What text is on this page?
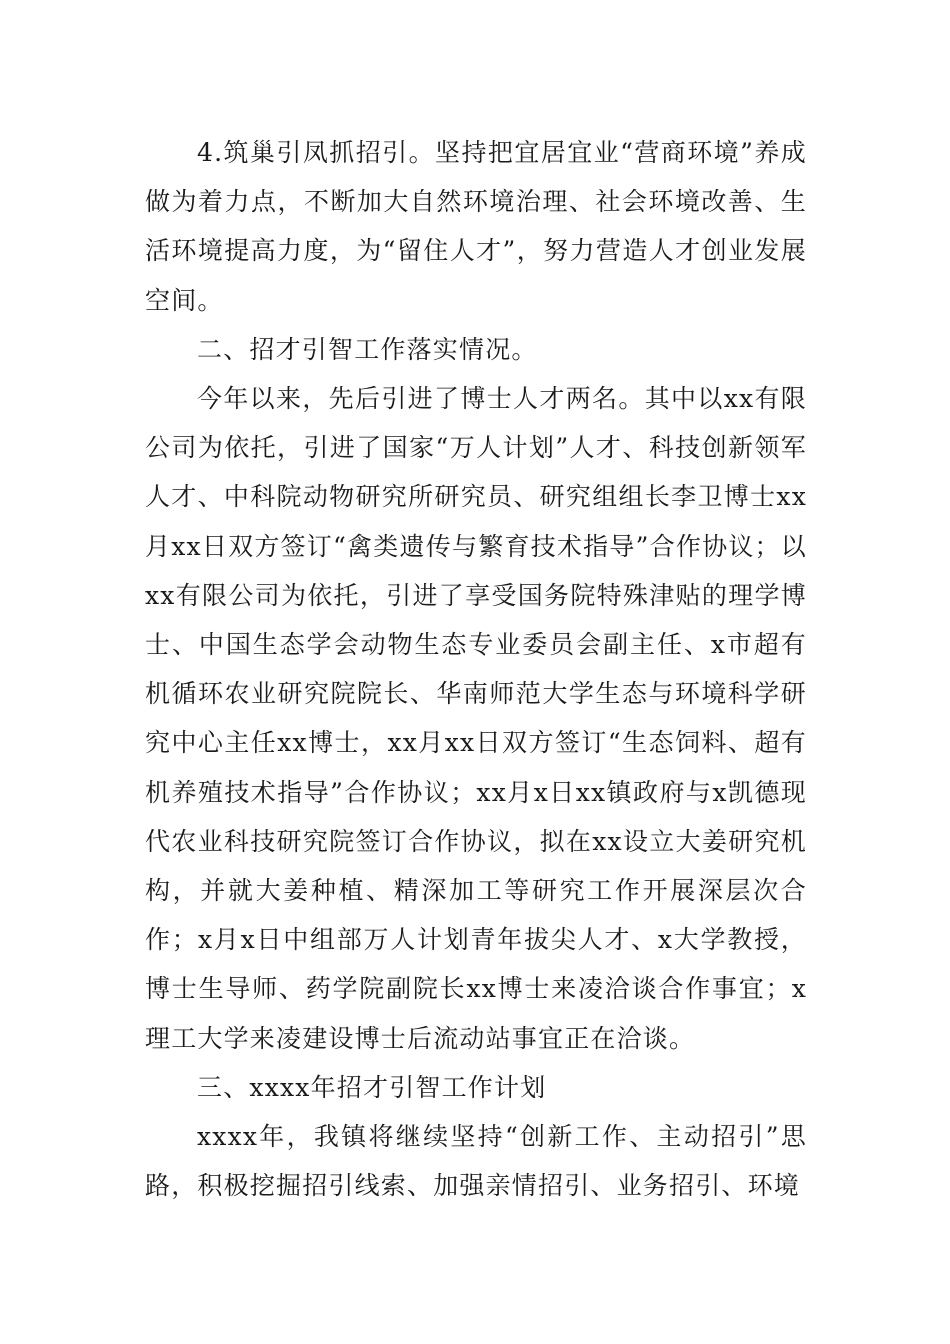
4.筑巢引凤抓招引。坚持把宜居宜业“营商环境”养成做为着力点，不断加大自然环境治理、社会环境改善、生活环境提高力度，为“留住人才”，努力营造人才创业发展空间。

二、招才引智工作落实情况。

今年以来，先后引进了博士人才两名。其中以xx有限公司为依托，引进了国家“万人计划”人才、科技创新领军人才、中科院动物研究所研究员、研究组组长李卫博士xx月xx日双方签订“禽类遗传与繁育技术指导”合作协议；以xx有限公司为依托，引进了享受国务院特殊津贴的理学博士、中国生态学会动物生态专业委员会副主任、x市超有机循环农业研究院院长、华南师范大学生态与环境科学研究中心主任xx博士，xx月xx日双方签订“生态饲料、超有机养殖技术指导”合作协议；xx月x日xx镇政府与x凯德现代农业科技研究院签订合作协议，拟在xx设立大姜研究机构，并就大姜种植、精深加工等研究工作开展深层次合作；x月x日中组部万人计划青年拔尖人才、x大学教授，博士生导师、药学院副院长xx博士来凌洽谈合作事宜；x理工大学来凌建设博士后流动站事宜正在洽谈。

三、xxxx年招才引智工作计划

xxxx年，我镇将继续坚持“创新工作、主动招引”思路，积极挖掘招引线索、加强亲情招引、业务招引、环境
